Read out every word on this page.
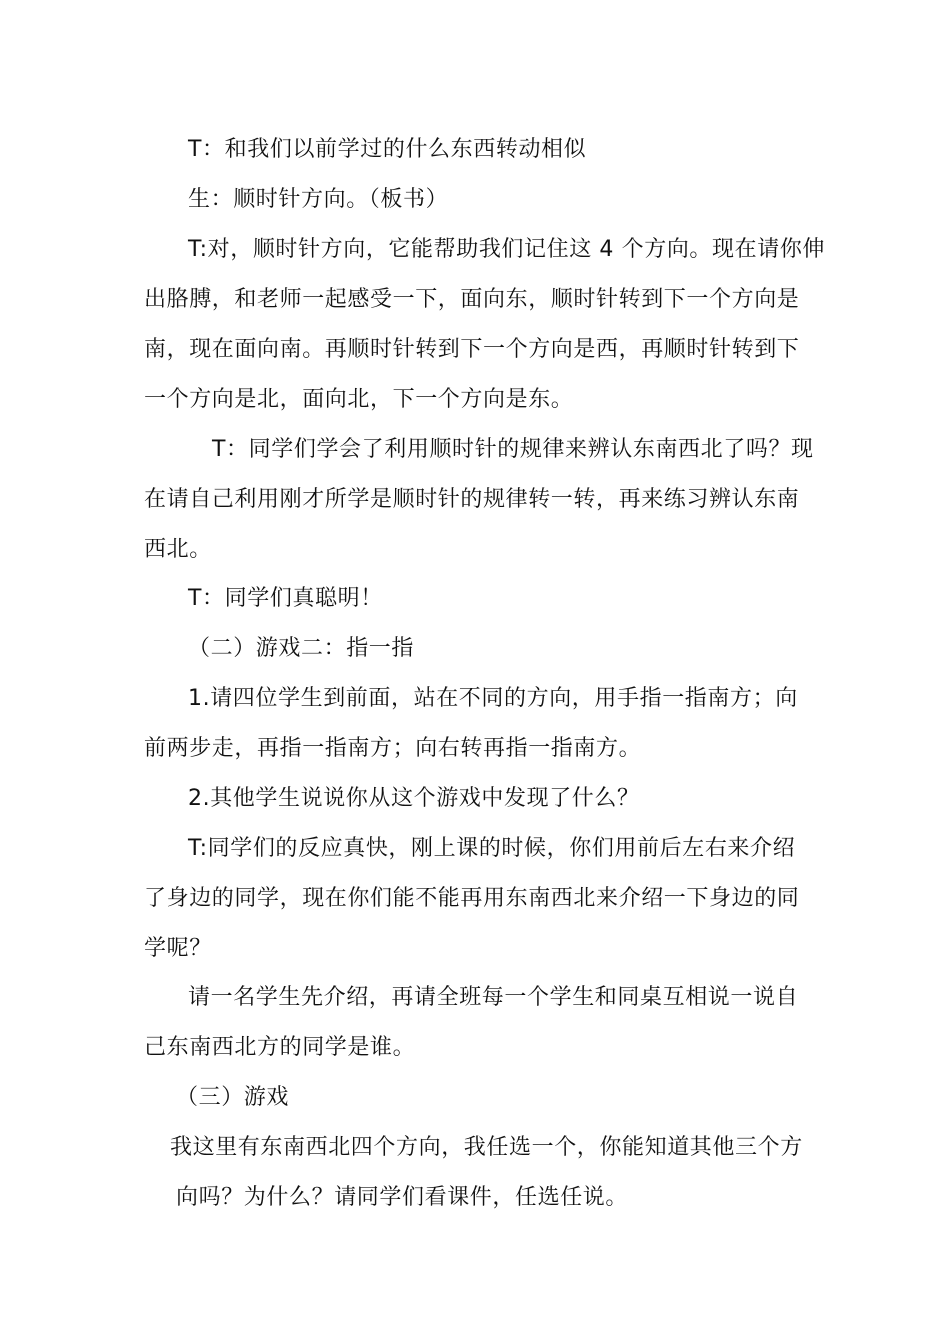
T：和我们以前学过的什么东西转动相似
生：顺时针方向。（板书）
T:对，顺时针方向，它能帮助我们记住这 4 个方向。现在请你伸
出胳膊，和老师一起感受一下，面向东，顺时针转到下一个方向是
南，现在面向南。再顺时针转到下一个方向是西，再顺时针转到下
一个方向是北，面向北，下一个方向是东。
T：同学们学会了利用顺时针的规律来辨认东南西北了吗？现
在请自己利用刚才所学是顺时针的规律转一转，再来练习辨认东南
西北。
T：同学们真聪明！
（二）游戏二：指一指
1.请四位学生到前面，站在不同的方向，用手指一指南方；向
前两步走，再指一指南方；向右转再指一指南方。
2.其他学生说说你从这个游戏中发现了什么？
T:同学们的反应真快，刚上课的时候，你们用前后左右来介绍
了身边的同学，现在你们能不能再用东南西北来介绍一下身边的同
学呢？
请一名学生先介绍，再请全班每一个学生和同桌互相说一说自
己东南西北方的同学是谁。
（三）游戏
我这里有东南西北四个方向，我任选一个，你能知道其他三个方
向吗？为什么？请同学们看课件，任选任说。
